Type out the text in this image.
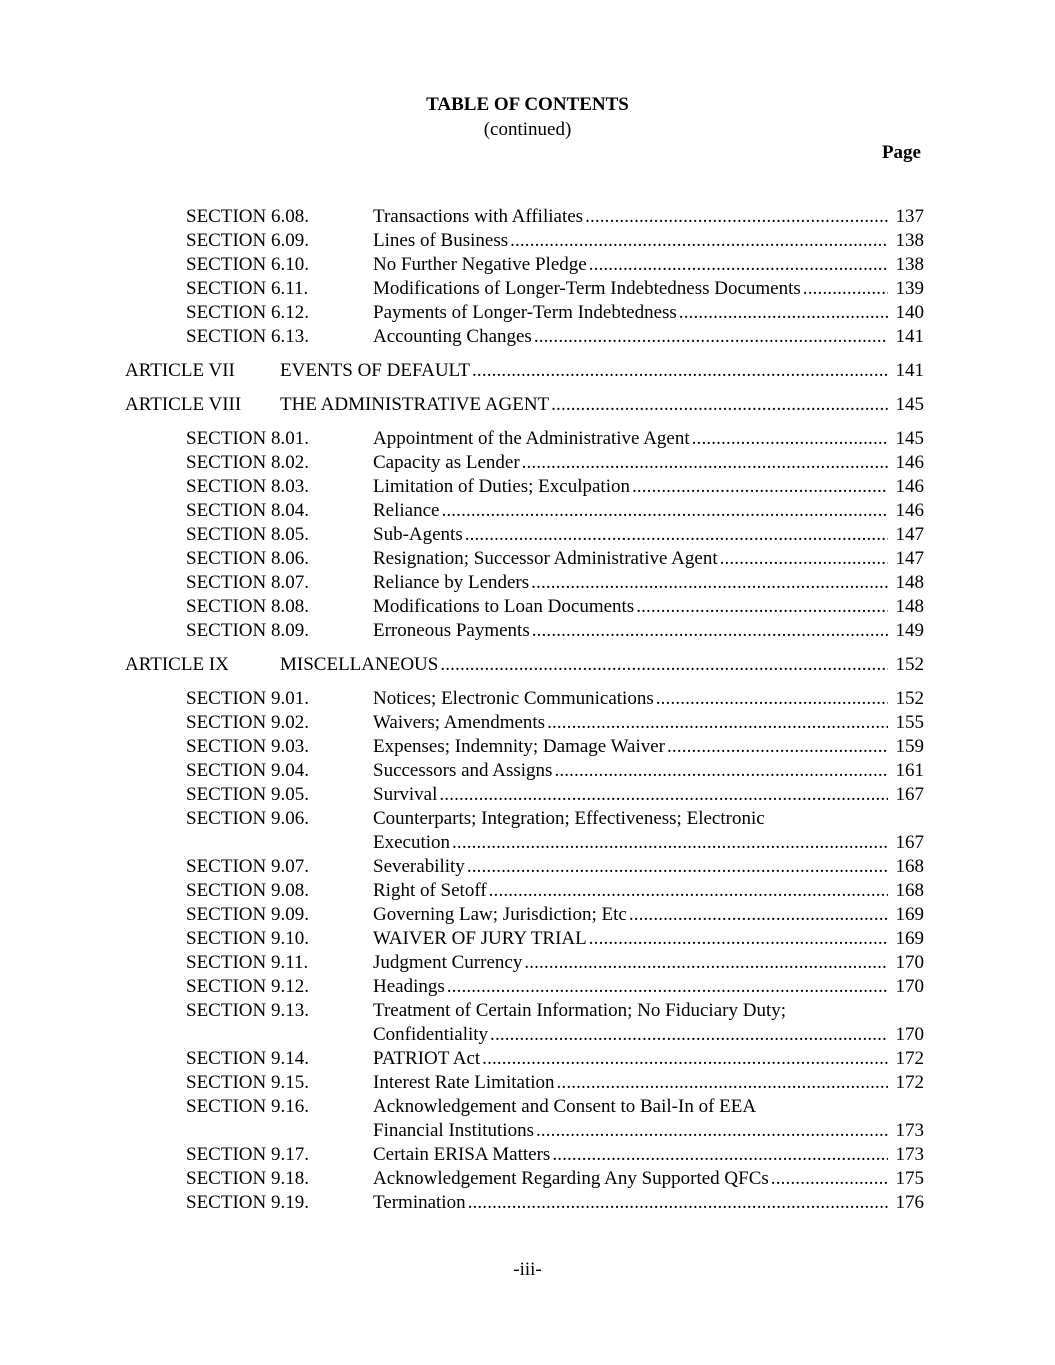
TABLE OF CONTENTS
(continued)
Page
SECTION 6.08.	Transactions with Affiliates . . .	137
SECTION 6.09.	Lines of Business . . .	138
SECTION 6.10.	No Further Negative Pledge . . .	138
SECTION 6.11.	Modifications of Longer-Term Indebtedness Documents . . .	139
SECTION 6.12.	Payments of Longer-Term Indebtedness . . .	140
SECTION 6.13.	Accounting Changes . . .	141
ARTICLE VII	EVENTS OF DEFAULT . . .	141
ARTICLE VIII	THE ADMINISTRATIVE AGENT . . .	145
SECTION 8.01.	Appointment of the Administrative Agent . . .	145
SECTION 8.02.	Capacity as Lender . . .	146
SECTION 8.03.	Limitation of Duties; Exculpation . . .	146
SECTION 8.04.	Reliance . . .	146
SECTION 8.05.	Sub-Agents . . .	147
SECTION 8.06.	Resignation; Successor Administrative Agent . . .	147
SECTION 8.07.	Reliance by Lenders . . .	148
SECTION 8.08.	Modifications to Loan Documents . . .	148
SECTION 8.09.	Erroneous Payments . . .	149
ARTICLE IX	MISCELLANEOUS . . .	152
SECTION 9.01.	Notices; Electronic Communications . . .	152
SECTION 9.02.	Waivers; Amendments . . .	155
SECTION 9.03.	Expenses; Indemnity; Damage Waiver . . .	159
SECTION 9.04.	Successors and Assigns . . .	161
SECTION 9.05.	Survival . . .	167
SECTION 9.06.	Counterparts; Integration; Effectiveness; Electronic
Execution . . .	167
SECTION 9.07.	Severability . . .	168
SECTION 9.08.	Right of Setoff . . .	168
SECTION 9.09.	Governing Law; Jurisdiction; Etc . . .	169
SECTION 9.10.	WAIVER OF JURY TRIAL . . .	169
SECTION 9.11.	Judgment Currency . . .	170
SECTION 9.12.	Headings . . .	170
SECTION 9.13.	Treatment of Certain Information; No Fiduciary Duty;
Confidentiality . . .	170
SECTION 9.14.	PATRIOT Act . . .	172
SECTION 9.15.	Interest Rate Limitation . . .	172
SECTION 9.16.	Acknowledgement and Consent to Bail-In of EEA
Financial Institutions . . .	173
SECTION 9.17.	Certain ERISA Matters . . .	173
SECTION 9.18.	Acknowledgement Regarding Any Supported QFCs . . .	175
SECTION 9.19.	Termination . . .	176
-iii-
